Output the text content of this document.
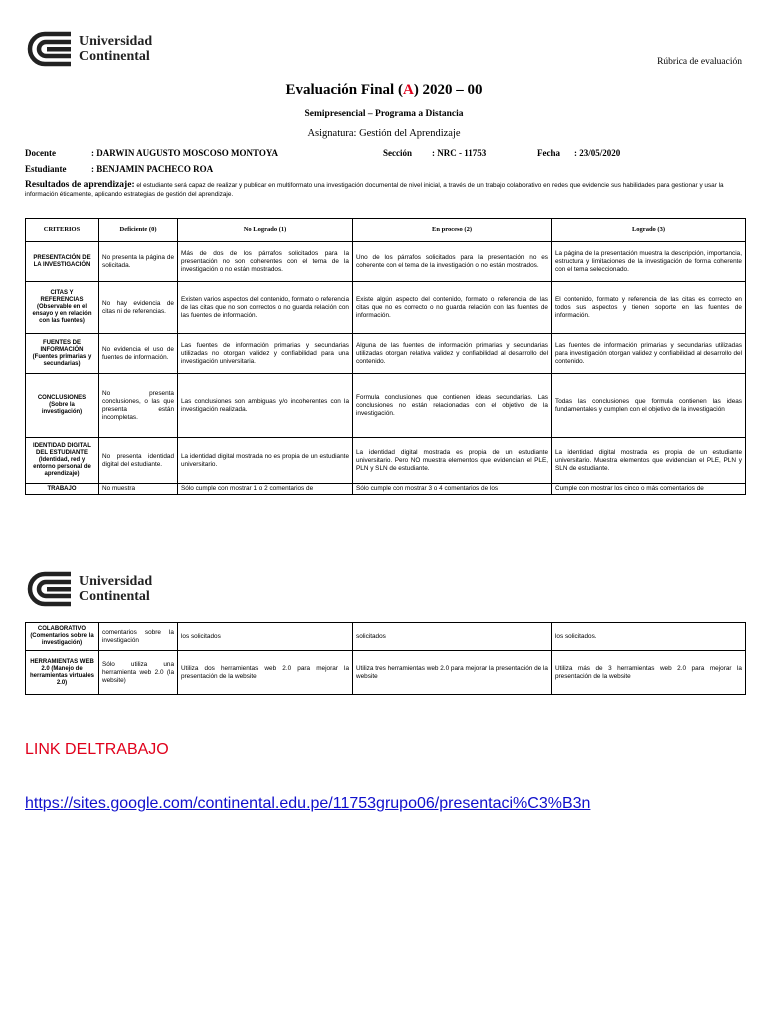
Universidad
Continental	Rúbrica de evaluación
Evaluación Final (A) 2020 – 00
Semipresencial – Programa a Distancia
Asignatura: Gestión del Aprendizaje
Docente	: DARWIN AUGUSTO MOSCOSO MONTOYA	Sección : NRC - 11753	Fecha : 23/05/2020
Estudiante	: BENJAMIN PACHECO ROA
Resultados de aprendizaje: el estudiante será capaz de realizar y publicar en multiformato una investigación documental de nivel inicial, a través de un trabajo colaborativo en redes que evidencie sus habilidades para gestionar y usar la información éticamente, aplicando estrategias de gestión del aprendizaje.
CRITERIOS	Deficiente (0)	No Logrado (1)	En proceso (2)	Logrado (3)
PRESENTACIÓN DE LA INVESTIGACIÓN	No presenta la página de solicitada.	Más de dos de los párrafos solicitados para la presentación no son coherentes con el tema de la investigación o no están mostrados.	Uno de los párrafos solicitados para la presentación no es coherente con el tema de la investigación o no están mostrados.	La página de la presentación muestra la descripción, importancia, estructura y limitaciones de la investigación de forma coherente con el tema seleccionado.
CITAS Y REFERENCIAS (Observable en el ensayo y en relación con las fuentes)	No hay evidencia de citas ni de referencias.	Existen varios aspectos del contenido, formato o referencia de las citas que no son correctos o no guarda relación con las fuentes de información.	Existe algún aspecto del contenido, formato o referencia de las citas que no es correcto o no guarda relación con las fuentes de información.	El contenido, formato y referencia de las citas es correcto en todos sus aspectos y tienen soporte en las fuentes de información.
FUENTES DE INFORMACIÓN (Fuentes primarias y secundarias)	No evidencia el uso de fuentes de información.	Las fuentes de información primarias y secundarias utilizadas no otorgan validez y confiabilidad para una investigación universitaria.	Alguna de las fuentes de información primarias y secundarias utilizadas otorgan relativa validez y confiabilidad al desarrollo del contenido.	Las fuentes de información primarias y secundarias utilizadas para investigación otorgan validez y confiabilidad al desarrollo del contenido.
CONCLUSIONES (Sobre la investigación)	No presenta conclusiones, o las que presenta están incompletas.	Las conclusiones son ambiguas y/o incoherentes con la investigación realizada.	Formula conclusiones que contienen ideas secundarias. Las conclusiones no están relacionadas con el objetivo de la investigación.	Todas las conclusiones que formula contienen las ideas fundamentales y cumplen con el objetivo de la investigación
IDENTIDAD DIGITAL DEL ESTUDIANTE (Identidad, red y entorno personal de aprendizaje)	No presenta identidad digital del estudiante.	La identidad digital mostrada no es propia de un estudiante universitario.	La identidad digital mostrada es propia de un estudiante universitario. Pero NO muestra elementos que evidencian el PLE, PLN y SLN de estudiante.	La identidad digital mostrada es propia de un estudiante universitario. Muestra elementos que evidencian el PLE, PLN y SLN de estudiante.
TRABAJO	No muestra	Sólo cumple con mostrar 1 o 2 comentarios de	Sólo cumple con mostrar 3 o 4 comentarios de los	Cumple con mostrar los cinco o más comentarios de
Universidad
Continental
COLABORATIVO (Comentarios sobre la investigación)	comentarios sobre la investigación	los solicitados	solicitados	los solicitados.
HERRAMIENTAS WEB 2.0 (Manejo de herramientas virtuales 2.0)	Sólo utiliza una herramienta web 2.0 (la website)	Utiliza dos herramientas web 2.0 para mejorar la presentación de la website	Utiliza tres herramientas web 2.0 para mejorar la presentación de la website	Utiliza más de 3 herramientas web 2.0 para mejorar la presentación de la website
LINK DELTRABAJO
https://sites.google.com/continental.edu.pe/11753grupo06/presentaci%C3%B3n
